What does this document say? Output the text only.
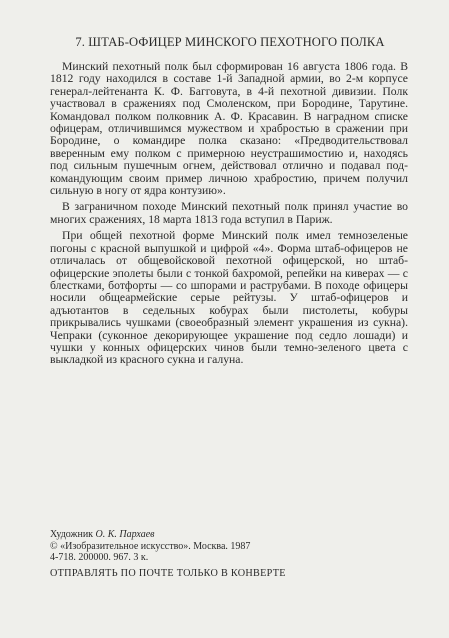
7. ШТАБ-ОФИЦЕР МИНСКОГО ПЕХОТНОГО ПОЛКА

Минский пехотный полк был сформирован 16 августа 1806 года. В 1812 году находился в составе 1-й Западной армии, во 2-м корпусе генерал-лейтенанта К. Ф. Багговута, в 4-й пехотной дивизии. Полк участвовал в сражениях под Смоленском, при Бородине, Тарутине. Командовал полком полковник А. Ф. Красавин. В наградном списке офицерам, отличившимся мужеством и храбростью в сражении при Бородине, о командире полка сказано: «Предводительствовал вверенным ему полком с примерною неустрашимостию и, находясь под сильным пушечным огнем, действовал отлично и подавал подкомандующим своим пример личною храбростию, причем получил сильную в ногу от ядра контузию».

В заграничном походе Минский пехотный полк принял участие во многих сражениях, 18 марта 1813 года вступил в Париж.

При общей пехотной форме Минский полк имел темнозеленые погоны с красной выпушкой и цифрой «4». Форма штаб-офицеров не отличалась от общевойсковой пехотной офицерской, но штаб-офицерские эполеты были с тонкой бахромой, репейки на киверах — с блестками, ботфорты — со шпорами и раструбами. В походе офицеры носили общеармейские серые рейтузы. У штаб-офицеров и адъютантов в седельных кобурах были пистолеты, кобуры прикрывались чушками (своеобразный элемент украшения из сукна). Чепраки (суконное декорирующее украшение под седло лошади) и чушки у конных офицерских чинов были темно-зеленого цвета с выкладкой из красного сукна и галуна.

Художник О. К. Пархаев
© «Изобразительное искусство». Москва. 1987
4-718. 200000. 967. 3 к.
ОТПРАВЛЯТЬ ПО ПОЧТЕ ТОЛЬКО В КОНВЕРТЕ
